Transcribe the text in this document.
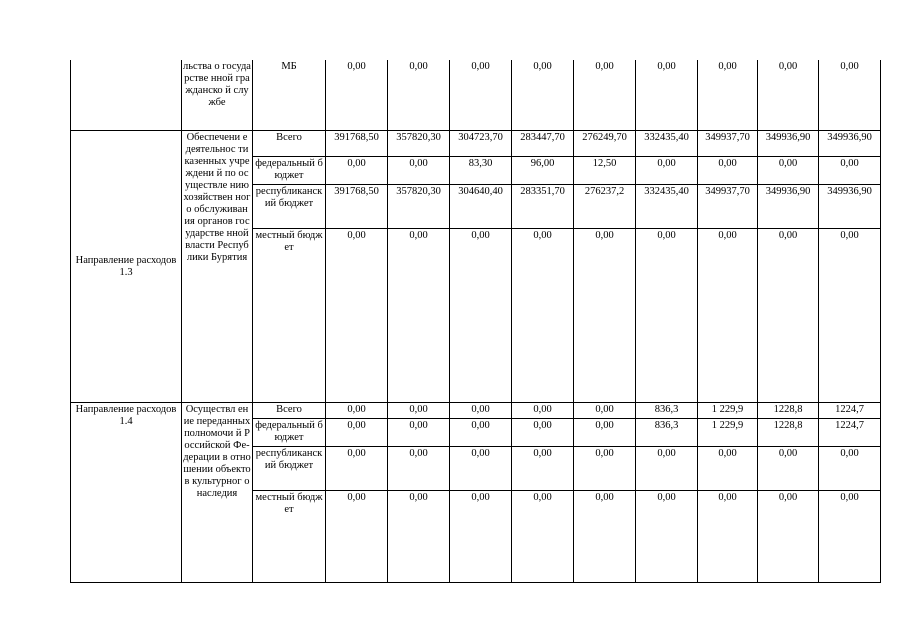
	льства о государстве нной гражданско й службе	МБ	0,00	0,00	0,00	0,00	0,00	0,00	0,00	0,00	0,00
Направление расходов 1.3	Обеспечени е деятельнос ти казенных учреждени й по осуществле нию хозяйствен ного обслуживан ия органов государстве нной власти Республики Бурятия	Всего	391768,50	357820,30	304723,70	283447,70	276249,70	332435,40	349937,70	349936,90	349936,90
		федеральный бюджет	0,00	0,00	83,30	96,00	12,50	0,00	0,00	0,00	0,00
		республиканский бюджет	391768,50	357820,30	304640,40	283351,70	276237,2	332435,40	349937,70	349936,90	349936,90
		местный бюджет	0,00	0,00	0,00	0,00	0,00	0,00	0,00	0,00	0,00
Направление расходов 1.4	Осуществл ение переданных полномочи й Российской Фе-дерации в отношении объектов культурног о наследия	Всего	0,00	0,00	0,00	0,00	0,00	836,3	1 229,9	1228,8	1224,7
		федеральный бюджет	0,00	0,00	0,00	0,00	0,00	836,3	1 229,9	1228,8	1224,7
		республиканский бюджет	0,00	0,00	0,00	0,00	0,00	0,00	0,00	0,00	0,00
		местный бюджет	0,00	0,00	0,00	0,00	0,00	0,00	0,00	0,00	0,00
